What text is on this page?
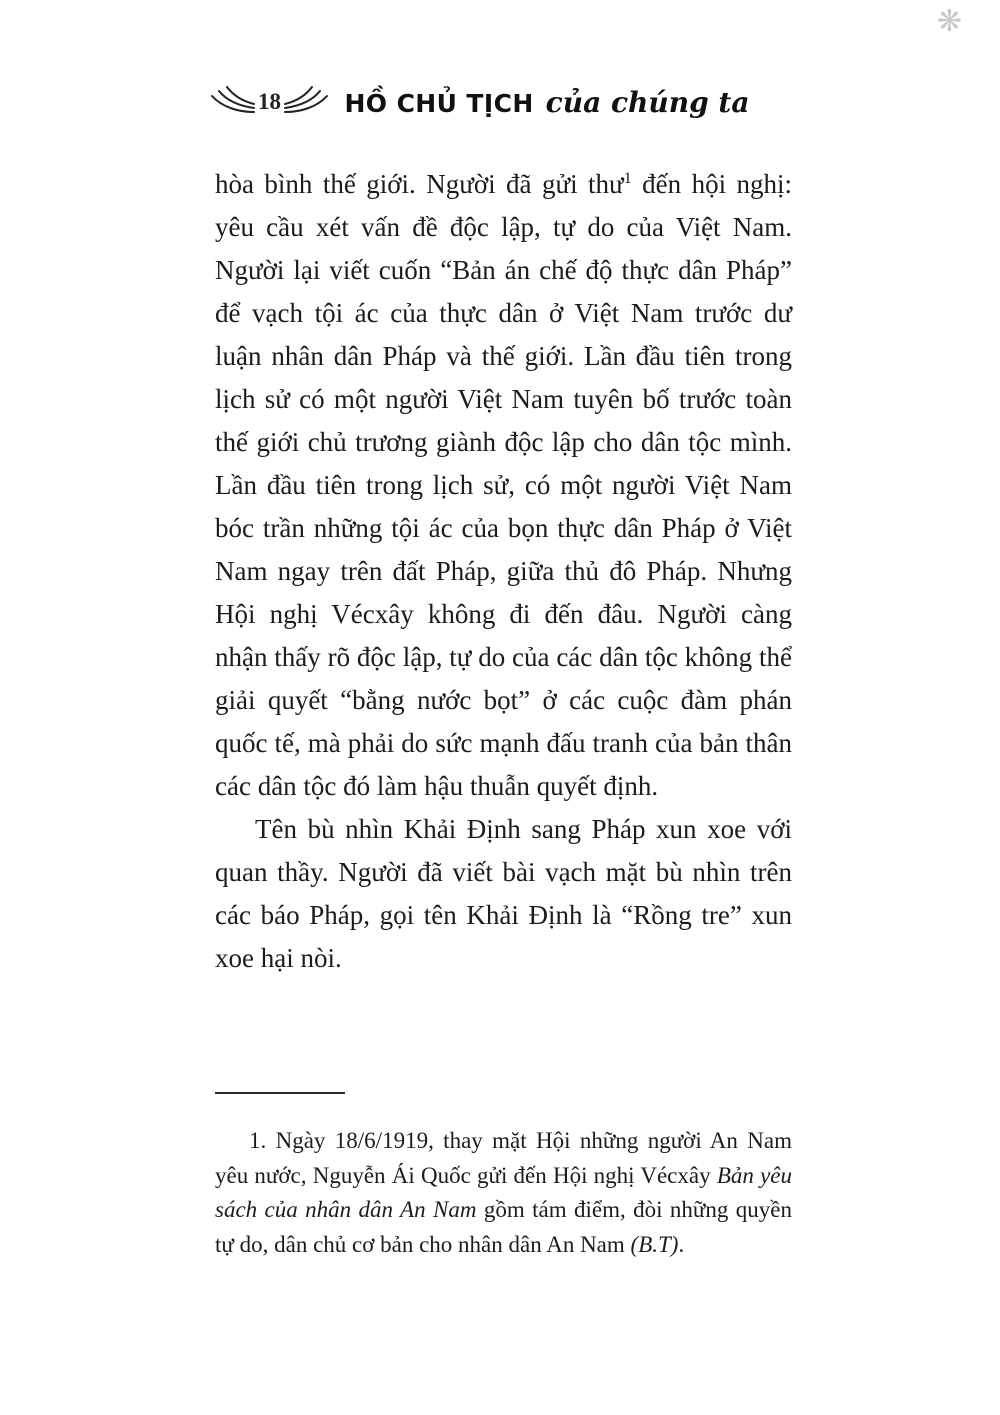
❋
18	HỒ CHỦ TỊCH của chúng ta

hòa bình thế giới. Người đã gửi thư$^1$ đến hội nghị: yêu cầu xét vấn đề độc lập, tự do của Việt Nam. Người lại viết cuốn “Bản án chế độ thực dân Pháp” để vạch tội ác của thực dân ở Việt Nam trước dư luận nhân dân Pháp và thế giới. Lần đầu tiên trong lịch sử có một người Việt Nam tuyên bố trước toàn thế giới chủ trương giành độc lập cho dân tộc mình. Lần đầu tiên trong lịch sử, có một người Việt Nam bóc trần những tội ác của bọn thực dân Pháp ở Việt Nam ngay trên đất Pháp, giữa thủ đô Pháp. Nhưng Hội nghị Vécxây không đi đến đâu. Người càng nhận thấy rõ độc lập, tự do của các dân tộc không thể giải quyết “bằng nước bọt” ở các cuộc đàm phán quốc tế, mà phải do sức mạnh đấu tranh của bản thân các dân tộc đó làm hậu thuẫn quyết định.

Tên bù nhìn Khải Định sang Pháp xun xoe với quan thầy. Người đã viết bài vạch mặt bù nhìn trên các báo Pháp, gọi tên Khải Định là “Rồng tre” xun xoe hại nòi.

1. Ngày 18/6/1919, thay mặt Hội những người An Nam yêu nước, Nguyễn Ái Quốc gửi đến Hội nghị Vécxây Bản yêu sách của nhân dân An Nam gồm tám điểm, đòi những quyền tự do, dân chủ cơ bản cho nhân dân An Nam (B.T).
